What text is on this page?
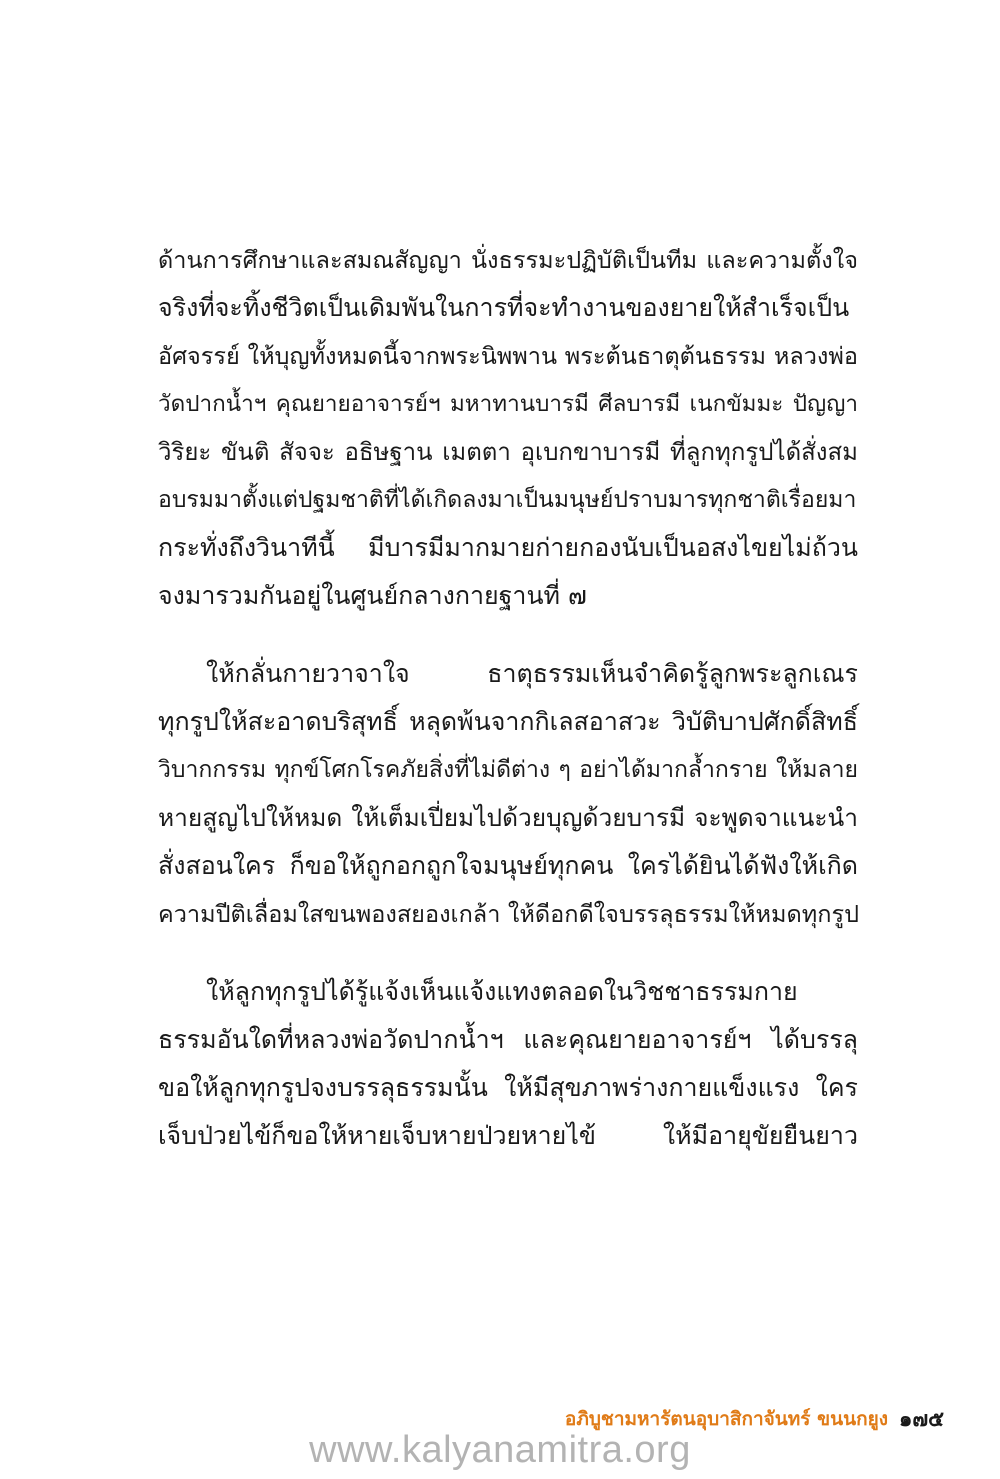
ด้านการศึกษาและสมณสัญญา นั่งธรรมะปฏิบัติเป็นทีม และความตั้งใจ
จริงที่จะทิ้งชีวิตเป็นเดิมพันในการที่จะทำงานของยายให้สำเร็จเป็น
อัศจรรย์ ให้บุญทั้งหมดนี้จากพระนิพพาน พระต้นธาตุต้นธรรม หลวงพ่อ
วัดปากน้ำฯ คุณยายอาจารย์ฯ มหาทานบารมี ศีลบารมี เนกขัมมะ ปัญญา
วิริยะ ขันติ สัจจะ อธิษฐาน เมตตา อุเบกขาบารมี ที่ลูกทุกรูปได้สั่งสม
อบรมมาตั้งแต่ปฐมชาติที่ได้เกิดลงมาเป็นมนุษย์ปราบมารทุกชาติเรื่อยมา
กระทั่งถึงวินาทีนี้ มีบารมีมากมายก่ายกองนับเป็นอสงไขยไม่ถ้วน
จงมารวมกันอยู่ในศูนย์กลางกายฐานที่ ๗
ให้กลั่นกายวาจาใจ ธาตุธรรมเห็นจำคิดรู้ลูกพระลูกเณร
ทุกรูปให้สะอาดบริสุทธิ์ หลุดพ้นจากกิเลสอาสวะ วิบัติบาปศักดิ์สิทธิ์
วิบากกรรม ทุกข์โศกโรคภัยสิ่งที่ไม่ดีต่าง ๆ อย่าได้มากล้ำกราย ให้มลาย
หายสูญไปให้หมด ให้เต็มเปี่ยมไปด้วยบุญด้วยบารมี จะพูดจาแนะนำ
สั่งสอนใคร ก็ขอให้ถูกอกถูกใจมนุษย์ทุกคน ใครได้ยินได้ฟังให้เกิด
ความปีติเลื่อมใสขนพองสยองเกล้า ให้ดีอกดีใจบรรลุธรรมให้หมดทุกรูป
ให้ลูกทุกรูปได้รู้แจ้งเห็นแจ้งแทงตลอดในวิชชาธรรมกาย
ธรรมอันใดที่หลวงพ่อวัดปากน้ำฯ และคุณยายอาจารย์ฯ ได้บรรลุ
ขอให้ลูกทุกรูปจงบรรลุธรรมนั้น ให้มีสุขภาพร่างกายแข็งแรง ใคร
เจ็บป่วยไข้ก็ขอให้หายเจ็บหายป่วยหายไข้ ให้มีอายุขัยยืนยาว
อภิบูชามหารัตนอุบาสิกาจันทร์ ขนนกยูง ๑๗๕
www.kalyanamitra.org
